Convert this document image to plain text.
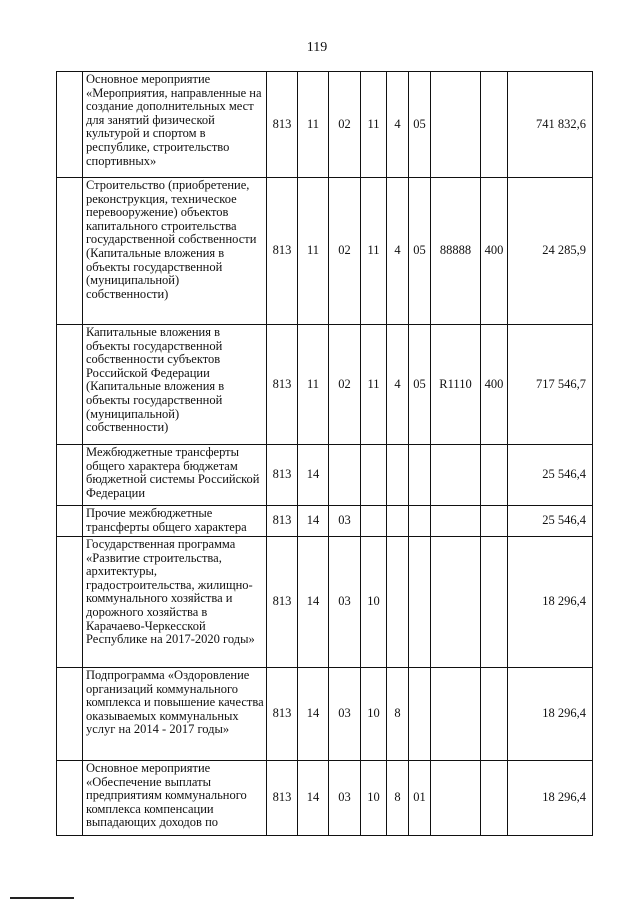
119
	Основное мероприятие «Мероприятия, направленные на создание дополнительных мест для занятий физической культурой и спортом в республике, строительство спортивных»	813	11	02	11	4	05			741 832,6
	Строительство (приобретение, реконструкция, техническое перевооружение) объектов капитального строительства государственной собственности (Капитальные вложения в объекты государственной (муниципальной) собственности)	813	11	02	11	4	05	88888	400	24 285,9
	Капитальные вложения в объекты государственной собственности субъектов Российской Федерации (Капитальные вложения в объекты государственной (муниципальной) собственности)	813	11	02	11	4	05	R1110	400	717 546,7
	Межбюджетные трансферты общего характера бюджетам бюджетной системы Российской Федерации	813	14							25 546,4
	Прочие межбюджетные трансферты общего характера	813	14	03						25 546,4
	Государственная программа «Развитие строительства, архитектуры, градостроительства, жилищно-коммунального хозяйства и дорожного хозяйства в Карачаево-Черкесской Республике на 2017-2020 годы»	813	14	03	10					18 296,4
	Подпрограмма «Оздоровление организаций коммунального комплекса и повышение качества оказываемых коммунальных услуг на 2014 - 2017 годы»	813	14	03	10	8				18 296,4
	Основное мероприятие «Обеспечение выплаты предприятиям коммунального комплекса компенсации выпадающих доходов по	813	14	03	10	8	01			18 296,4
